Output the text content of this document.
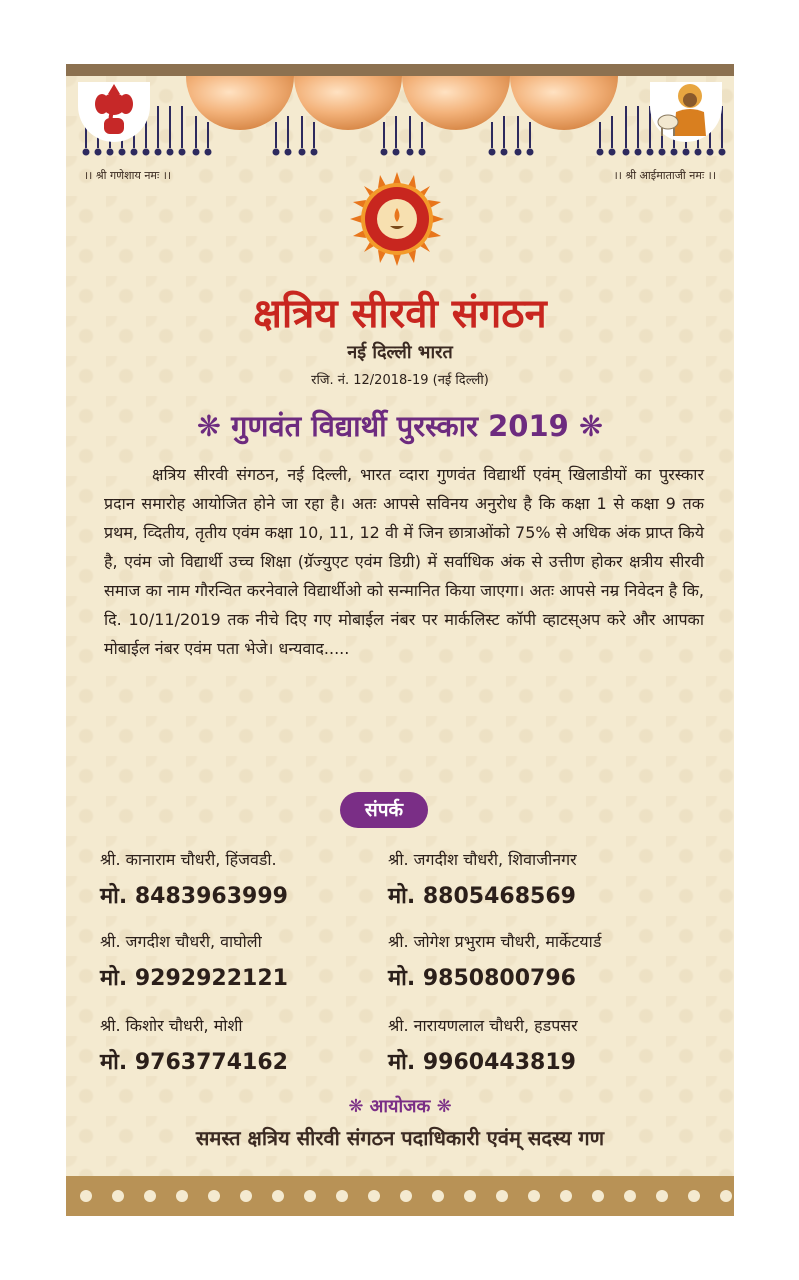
।। श्री गणेशाय नमः ।।	।। श्री आईमाताजी नमः ।।
क्षत्रिय सीरवी संगठन
नई दिल्ली भारत
रजि. नं. 12/2018-19 (नई दिल्ली)
❋ गुणवंत विद्यार्थी पुरस्कार 2019 ❋

क्षत्रिय सीरवी संगठन, नई दिल्ली, भारत व्दारा गुणवंत विद्यार्थी एवंम् खिलाडीयों का पुरस्कार प्रदान समारोह आयोजित होने जा रहा है। अतः आपसे सविनय अनुरोध है कि कक्षा 1 से कक्षा 9 तक प्रथम, व्दितीय, तृतीय एवंम कक्षा 10, 11, 12 वी में जिन छात्राओंको 75% से अधिक अंक प्राप्त किये है, एवंम जो विद्यार्थी उच्च शिक्षा (ग्रॅज्युएट एवंम डिग्री) में सर्वाधिक अंक से उत्तीण होकर क्षत्रीय सीरवी समाज का नाम गौरन्वित करनेवाले विद्यार्थीओ को सन्मानित किया जाएगा। अतः आपसे नम्र निवेदन है कि, दि. 10/11/2019 तक नीचे दिए गए मोबाईल नंबर पर मार्कलिस्ट कॉपी व्हाटस्अप करे और आपका मोबाईल नंबर एवंम पता भेजे। धन्यवाद.....

संपर्क
श्री. कानाराम चौधरी, हिंजवडी.
मो. 8483963999
श्री. जगदीश चौधरी, वाघोली
मो. 9292922121
श्री. किशोर चौधरी, मोशी
मो. 9763774162
श्री. जगदीश चौधरी, शिवाजीनगर
मो. 8805468569
श्री. जोगेश प्रभुराम चौधरी, मार्केटयार्ड
मो. 9850800796
श्री. नारायणलाल चौधरी, हडपसर
मो. 9960443819
❋ आयोजक ❋
समस्त क्षत्रिय सीरवी संगठन पदाधिकारी एवंम् सदस्य गण
